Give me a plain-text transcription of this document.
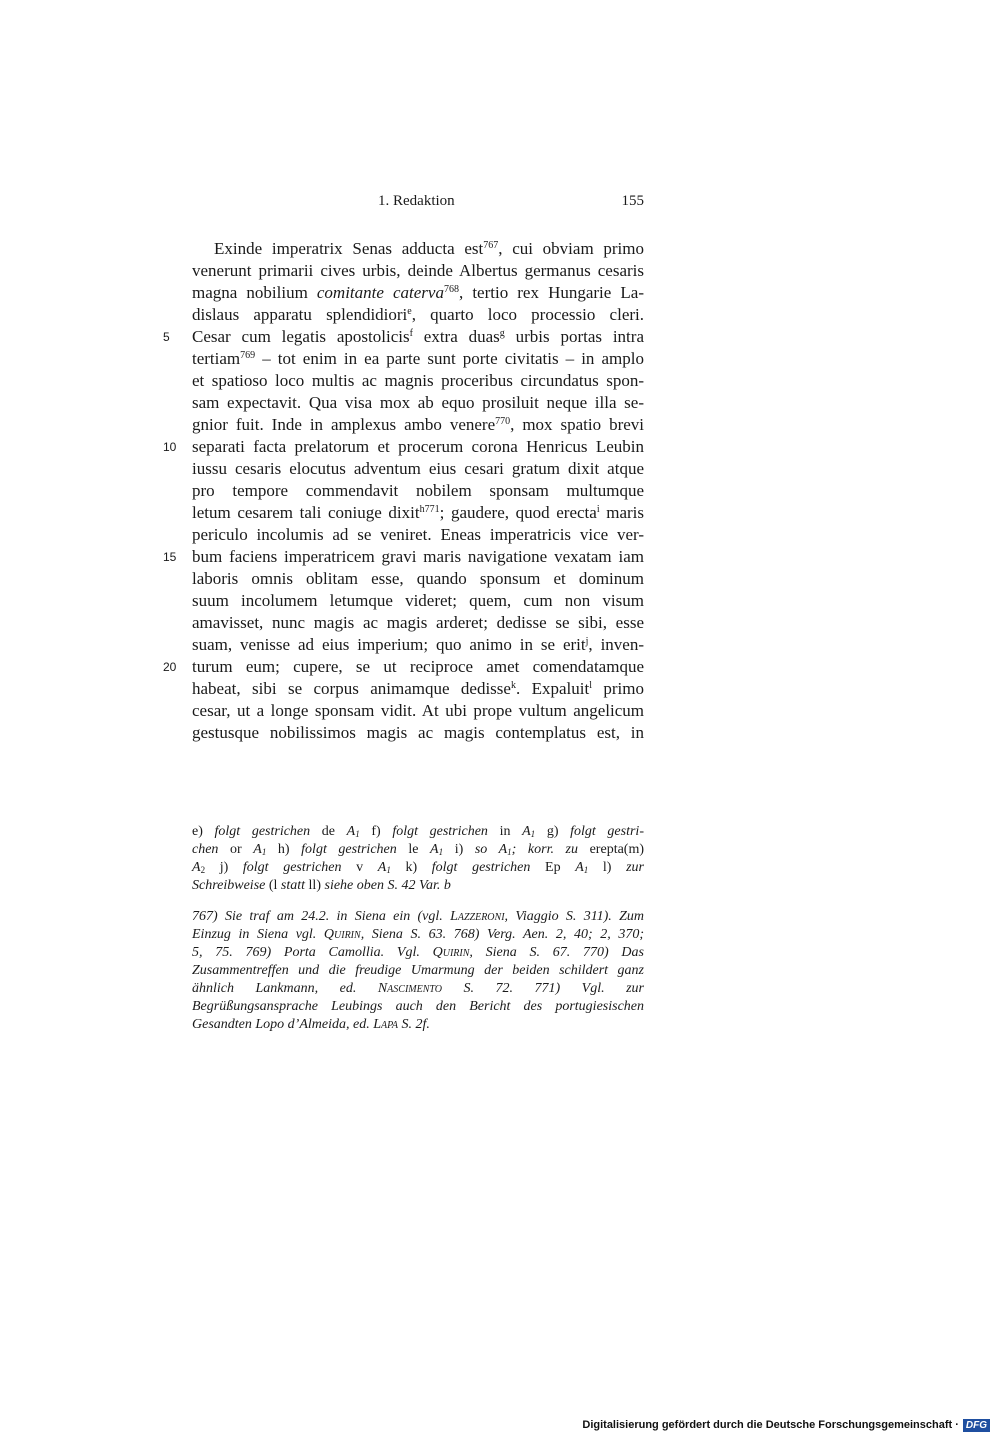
1. Redaktion	155
Exinde imperatrix Senas adducta est$^{767}$, cui obviam primo
venerunt primarii cives urbis, deinde Albertus germanus cesaris
magna nobilium comitante caterva$^{768}$, tertio rex Hungarie La-
dislaus apparatu splendidiori$^e$, quarto loco processio cleri.
5	Cesar cum legatis apostolicis$^f$ extra duas$^g$ urbis portas intra
tertiam$^{769}$ – tot enim in ea parte sunt porte civitatis – in amplo
et spatioso loco multis ac magnis proceribus circundatus spon-
sam expectavit. Qua visa mox ab equo prosiluit neque illa se-
gnior fuit. Inde in amplexus ambo venere$^{770}$, mox spatio brevi
10 separati facta prelatorum et procerum corona Henricus Leubin
iussu cesaris elocutus adventum eius cesari gratum dixit atque
pro tempore commendavit nobilem sponsam multumque
letum cesarem tali coniuge dixit$^{h771}$; gaudere, quod erecta$^i$ maris
periculo incolumis ad se veniret. Eneas imperatricis vice ver-
15 bum faciens imperatricem gravi maris navigatione vexatam iam
laboris omnis oblitam esse, quando sponsum et dominum
suum incolumem letumque videret; quem, cum non visum
amavisset, nunc magis ac magis arderet; dedisse se sibi, esse
suam, venisse ad eius imperium; quo animo in se erit$^j$, inven-
20 turum eum; cupere, se ut reciproce amet comendatamque
habeat, sibi se corpus animamque dedisse$^k$. Expaluit$^l$ primo
cesar, ut a longe sponsam vidit. At ubi prope vultum angelicum
gestusque nobilissimos magis ac magis contemplatus est, in
e) folgt gestrichen de $A_1$ f) folgt gestrichen in $A_1$ g) folgt gestri-
chen or $A_1$ h) folgt gestrichen le $A_1$ i) so $A_1$; korr. zu erepta(m)
$A_2$ j) folgt gestrichen v $A_1$ k) folgt gestrichen Ep $A_1$ l) zur
Schreibweise (l statt ll) siehe oben S. 42 Var. b
767) Sie traf am 24.2. in Siena ein (vgl. Lazzeroni, Viaggio S. 311). Zum
Einzug in Siena vgl. Quirin, Siena S. 63. 768) Verg. Aen. 2, 40; 2, 370;
5, 75. 769) Porta Camollia. Vgl. Quirin, Siena S. 67. 770) Das
Zusammentreffen und die freudige Umarmung der beiden schildert ganz
ähnlich Lankmann, ed. Nascimento S. 72. 771) Vgl. zur
Begrüßungsansprache Leubings auch den Bericht des portugiesischen
Gesandten Lopo d’Almeida, ed. Lapa S. 2f.
Digitalisierung gefördert durch die Deutsche Forschungsgemeinschaft · DFG
